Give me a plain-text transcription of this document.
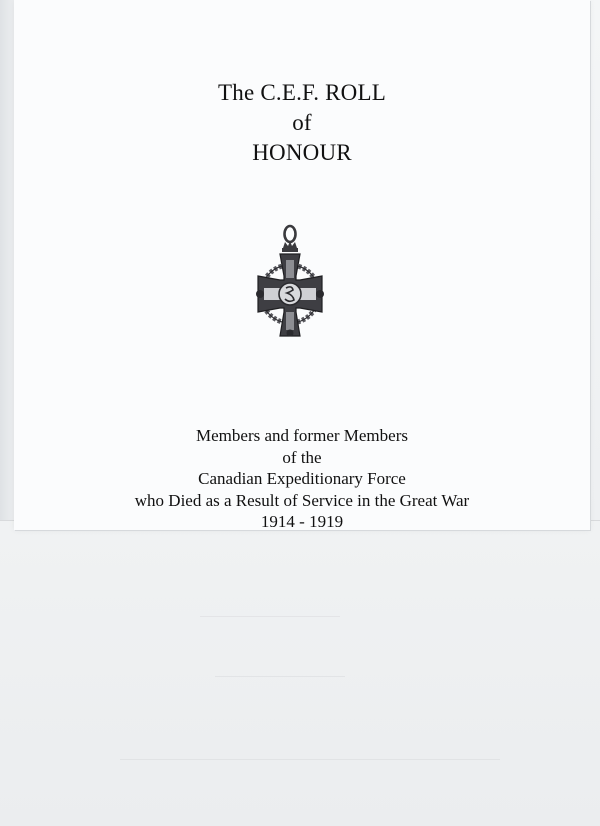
The C.E.F. ROLL
of
HONOUR
Members and former Members
of the
Canadian Expeditionary Force
who Died as a Result of Service in the Great War
1914 - 1919
